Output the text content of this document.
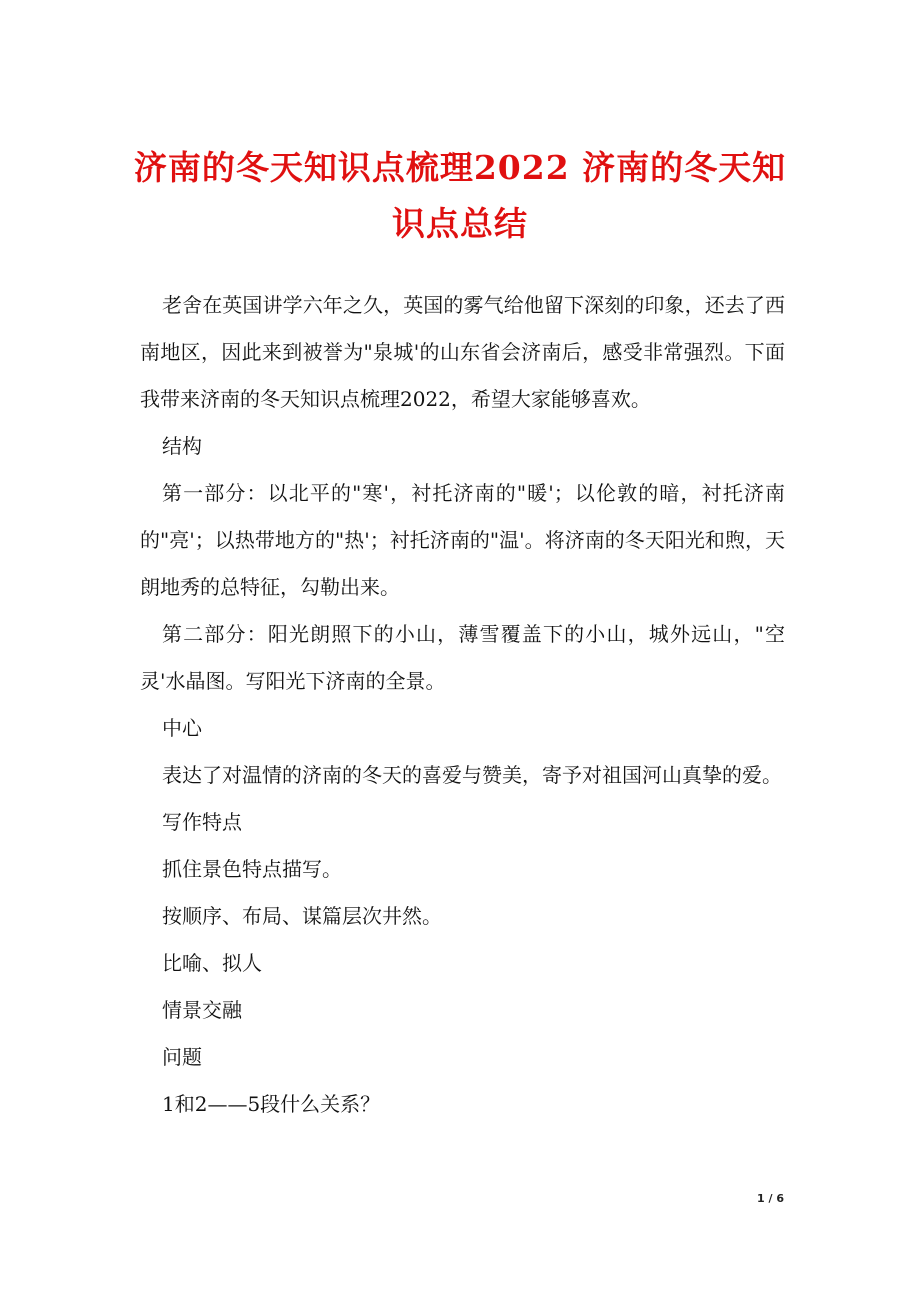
济南的冬天知识点梳理2022 济南的冬天知识点总结

老舍在英国讲学六年之久，英国的雾气给他留下深刻的印象，还去了西南地区，因此来到被誉为"泉城'的山东省会济南后，感受非常强烈。下面我带来济南的冬天知识点梳理2022，希望大家能够喜欢。

结构

第一部分：以北平的"寒'，衬托济南的"暖'；以伦敦的暗，衬托济南的"亮'；以热带地方的"热'；衬托济南的"温'。将济南的冬天阳光和煦，天朗地秀的总特征，勾勒出来。

第二部分：阳光朗照下的小山，薄雪覆盖下的小山，城外远山，"空灵'水晶图。写阳光下济南的全景。

中心

表达了对温情的济南的冬天的喜爱与赞美，寄予对祖国河山真挚的爱。

写作特点

抓住景色特点描写。

按顺序、布局、谋篇层次井然。

比喻、拟人

情景交融

问题

1和2——5段什么关系？

1 / 6
